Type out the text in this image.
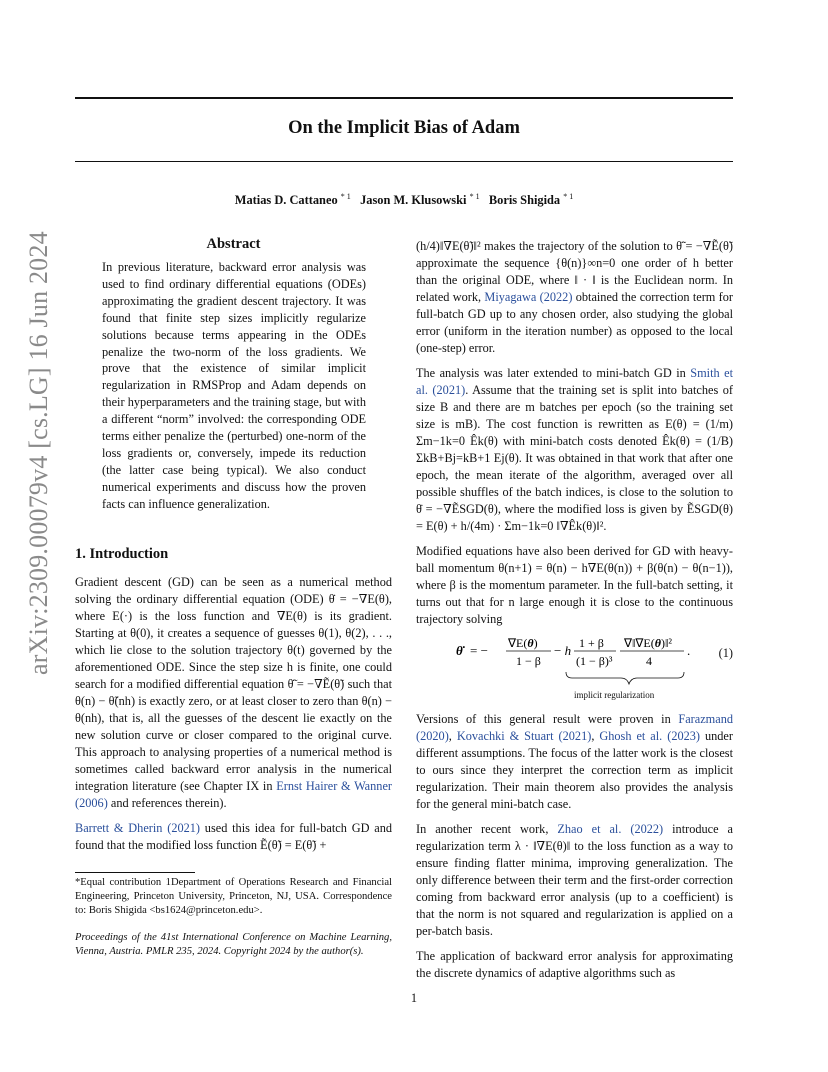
On the Implicit Bias of Adam
Matias D. Cattaneo $^{* 1}$ Jason M. Klusowski $^{* 1}$ Boris Shigida $^{* 1}$
arXiv:2309.00079v4 [cs.LG] 16 Jun 2024	Abstract

In previous literature, backward error analysis was used to find ordinary differential equations (ODEs) approximating the gradient descent trajectory. It was found that finite step sizes implicitly regularize solutions because terms appearing in the ODEs penalize the two-norm of the loss gradients. We prove that the existence of similar implicit regularization in RMSProp and Adam depends on their hyperparameters and the training stage, but with a different “norm” involved: the corresponding ODE terms either penalize the (perturbed) one-norm of the loss gradients or, conversely, impede its reduction (the latter case being typical). We also conduct numerical experiments and discuss how the proven facts can influence generalization.

1. Introduction

Gradient descent (GD) can be seen as a numerical method solving the ordinary differential equation (ODE) θ̇ = −∇E(θ), where E(·) is the loss function and ∇E(θ) is its gradient. Starting at θ(0), it creates a sequence of guesses θ(1), θ(2), . . ., which lie close to the solution trajectory θ(t) governed by the aforementioned ODE. Since the step size h is finite, one could search for a modified differential equation θ̃̇ = −∇Ẽ(θ̃) such that θ(n) − θ̃(nh) is exactly zero, or at least closer to zero than θ(n) − θ(nh), that is, all the guesses of the descent lie exactly on the new solution curve or closer compared to the original curve. This approach to analysing properties of a numerical method is sometimes called backward error analysis in the numerical integration literature (see Chapter IX in Ernst Hairer & Wanner (2006) and references therein).

Barrett & Dherin (2021) used this idea for full-batch GD and found that the modified loss function Ẽ(θ̃) = E(θ̃) +

*Equal contribution 1Department of Operations Research and Financial Engineering, Princeton University, Princeton, NJ, USA. Correspondence to: Boris Shigida <bs1624@princeton.edu>.

Proceedings of the 41st International Conference on Machine Learning, Vienna, Austria. PMLR 235, 2024. Copyright 2024 by the author(s).

(h/4)‖∇E(θ̃)‖² makes the trajectory of the solution to θ̃̇ = −∇Ẽ(θ̃) approximate the sequence {θ(n)}∞n=0 one order of h better than the original ODE, where ‖ · ‖ is the Euclidean norm. In related work, Miyagawa (2022) obtained the correction term for full-batch GD up to any chosen order, also studying the global error (uniform in the iteration number) as opposed to the local (one-step) error.

The analysis was later extended to mini-batch GD in Smith et al. (2021). Assume that the training set is split into batches of size B and there are m batches per epoch (so the training set size is mB). The cost function is rewritten as E(θ) = (1/m) Σm−1k=0 Êk(θ) with mini-batch costs denoted Êk(θ) = (1/B) ΣkB+Bj=kB+1 Ej(θ). It was obtained in that work that after one epoch, the mean iterate of the algorithm, averaged over all possible shuffles of the batch indices, is close to the solution to θ̇ = −∇ẼSGD(θ), where the modified loss is given by ẼSGD(θ) = E(θ) + h/(4m) · Σm−1k=0 ‖∇Êk(θ)‖².

Modified equations have also been derived for GD with heavy-ball momentum θ(n+1) = θ(n) − h∇E(θ(n)) + β(θ(n) − θ(n−1)), where β is the momentum parameter. In the full-batch setting, it turns out that for n large enough it is close to the continuous trajectory solving

θ̇ = − ∇E(θ)
1 − β
− h 1 + β
(1 − β)³
∇‖∇E(θ)‖²
4
. (1)
implicit regularization

Versions of this general result were proven in Farazmand (2020), Kovachki & Stuart (2021), Ghosh et al. (2023) under different assumptions. The focus of the latter work is the closest to ours since they interpret the correction term as implicit regularization. Their main theorem also provides the analysis for the general mini-batch case.

In another recent work, Zhao et al. (2022) introduce a regularization term λ · ‖∇E(θ)‖ to the loss function as a way to ensure finding flatter minima, improving generalization. The only difference between their term and the first-order correction coming from backward error analysis (up to a coefficient) is that the norm is not squared and regularization is applied on a per-batch basis.

The application of backward error analysis for approximating the discrete dynamics of adaptive algorithms such as

1
